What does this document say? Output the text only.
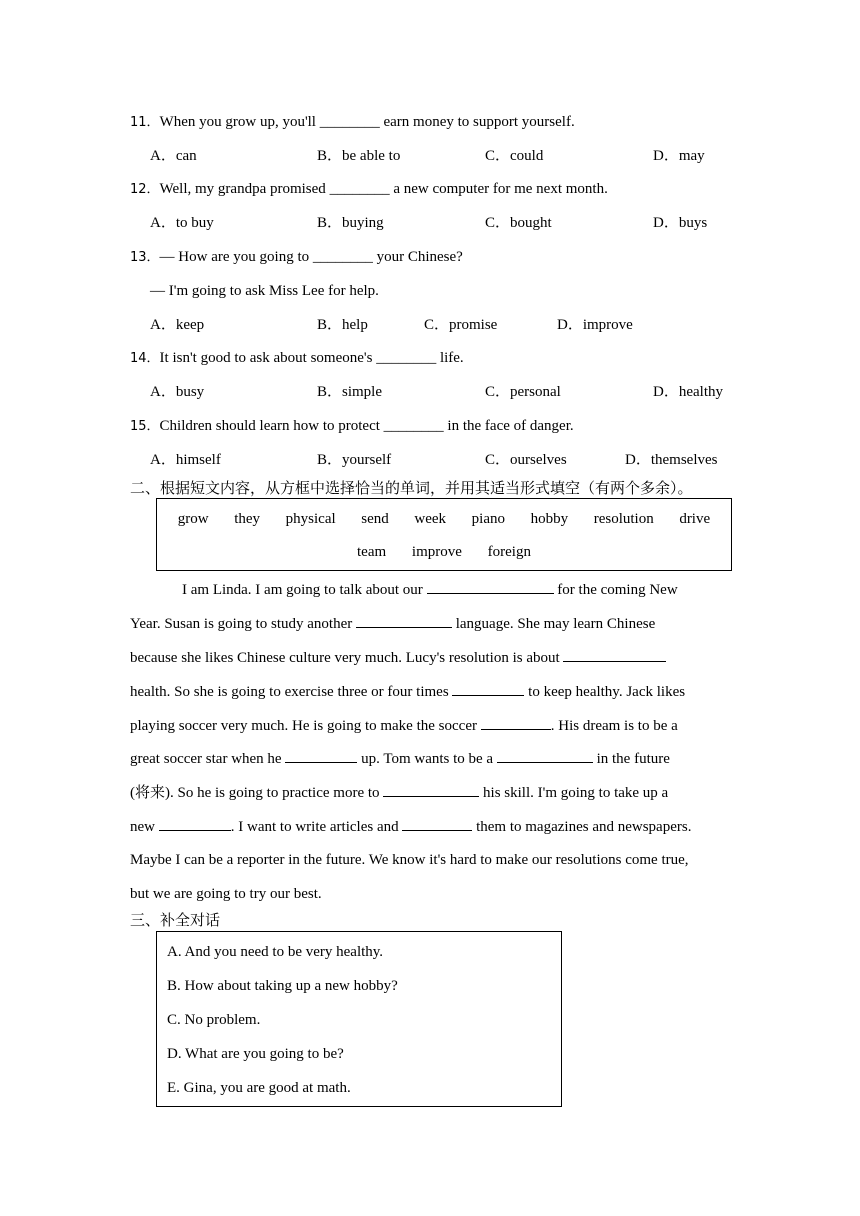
11．When you grow up, you'll ________ earn money to support yourself.
A．can	B．be able to	C．could	D．may
12．Well, my grandpa promised ________ a new computer for me next month.
A．to buy	B．buying	C．bought	D．buys
13．— How are you going to ________ your Chinese?
— I'm going to ask Miss Lee for help.
A．keep	B．help	C．promise	D．improve
14．It isn't good to ask about someone's ________ life.
A．busy	B．simple	C．personal	D．healthy
15．Children should learn how to protect ________ in the face of danger.
A．himself	B．yourself	C．ourselves	D．themselves
二、根据短文内容，从方框中选择恰当的单词，并用其适当形式填空（有两个多余）。
grow they physical send week piano hobby resolution drive
team improve foreign
I am Linda. I am going to talk about our	for the coming New
Year. Susan is going to study another	language. She may learn Chinese
because she likes Chinese culture very much. Lucy's resolution is about
health. So she is going to exercise three or four times	to keep healthy. Jack likes
playing soccer very much. He is going to make the soccer	. His dream is to be a
great soccer star when he	up. Tom wants to be a	in the future
(将来). So he is going to practice more to	his skill. I'm going to take up a
new	. I want to write articles and	them to magazines and newspapers.
Maybe I can be a reporter in the future. We know it's hard to make our resolutions come true,
but we are going to try our best.
三、补全对话
A. And you need to be very healthy.
B. How about taking up a new hobby?
C. No problem.
D. What are you going to be?
E. Gina, you are good at math.
